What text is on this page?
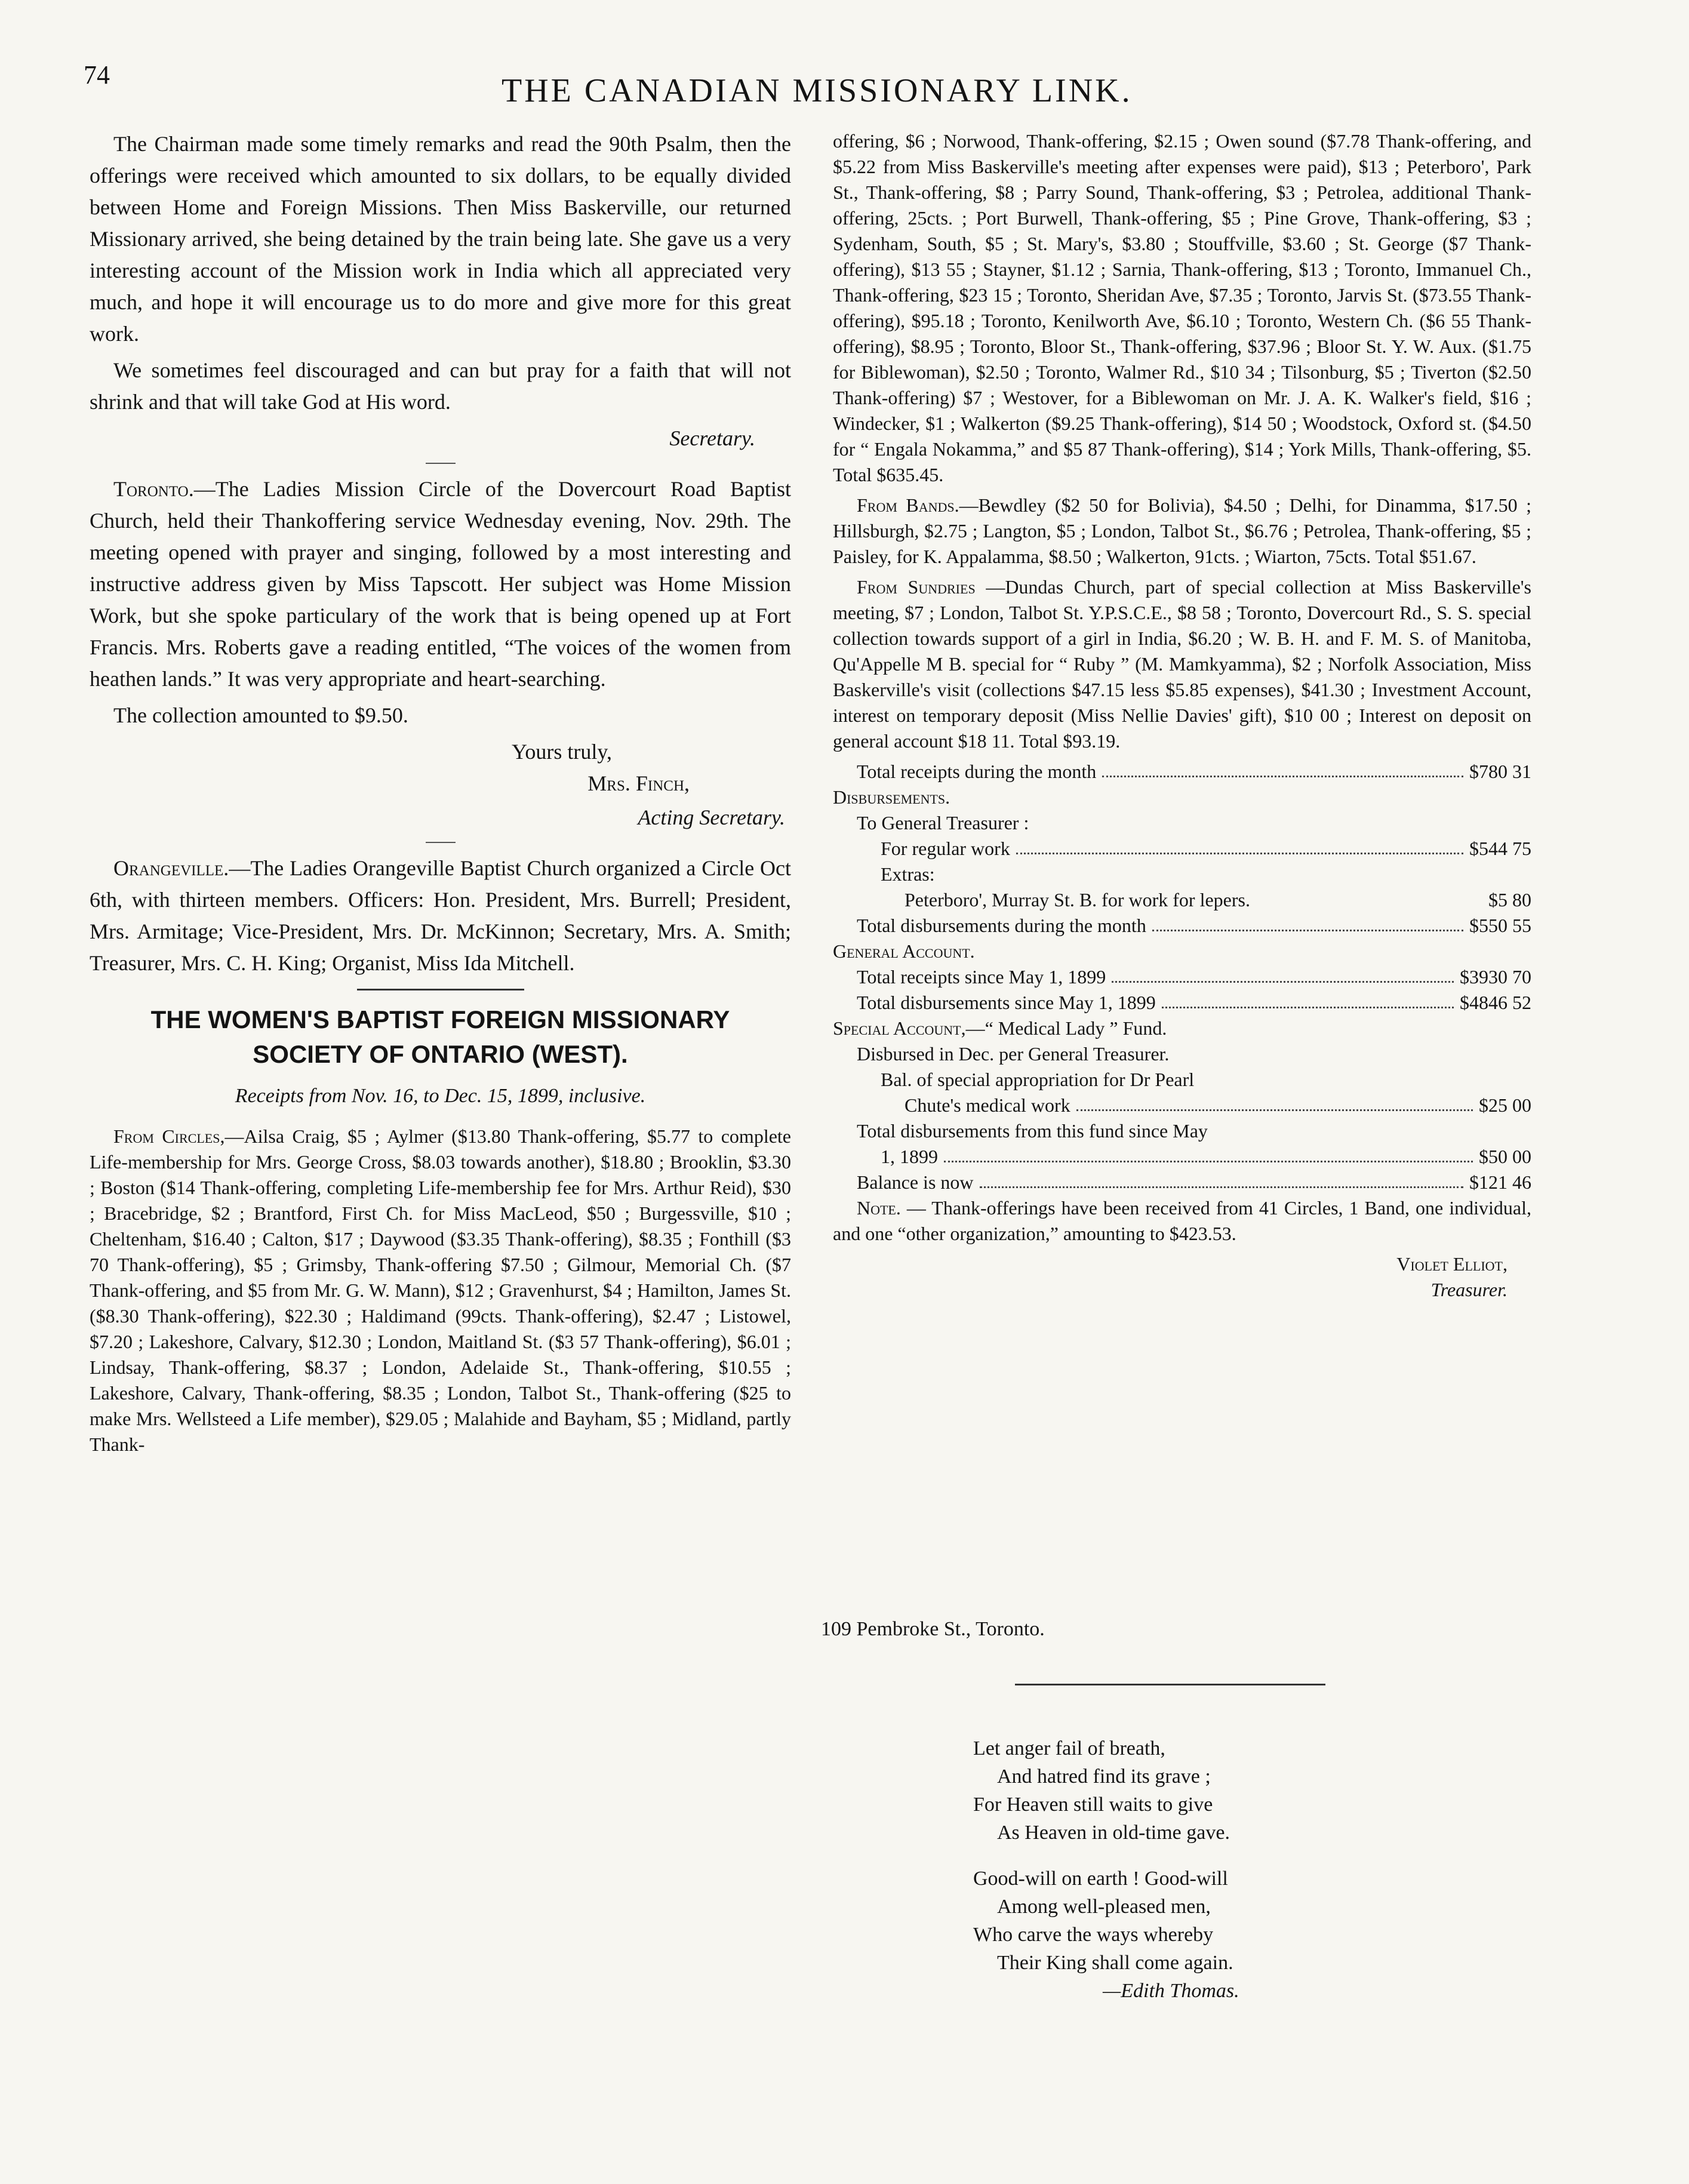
74	THE CANADIAN MISSIONARY LINK.

The Chairman made some timely remarks and read the 90th Psalm, then the offerings were received which amounted to six dollars, to be equally divided between Home and Foreign Missions. Then Miss Baskerville, our returned Missionary arrived, she being detained by the train being late. She gave us a very interesting account of the Mission work in India which all appreciated very much, and hope it will encourage us to do more and give more for this great work.

We sometimes feel discouraged and can but pray for a faith that will not shrink and that will take God at His word.

Secretary.

Toronto.—The Ladies Mission Circle of the Dovercourt Road Baptist Church, held their Thankoffering service Wednesday evening, Nov. 29th. The meeting opened with prayer and singing, followed by a most interesting and instructive address given by Miss Tapscott. Her subject was Home Mission Work, but she spoke particulary of the work that is being opened up at Fort Francis. Mrs. Roberts gave a reading entitled, “The voices of the women from heathen lands.” It was very appropriate and heart-searching.

The collection amounted to $9.50.

Yours truly,
Mrs. Finch,
Acting Secretary.

Orangeville.—The Ladies Orangeville Baptist Church organized a Circle Oct 6th, with thirteen members. Officers: Hon. President, Mrs. Burrell; President, Mrs. Armitage; Vice-President, Mrs. Dr. McKinnon; Secretary, Mrs. A. Smith; Treasurer, Mrs. C. H. King; Organist, Miss Ida Mitchell.

THE WOMEN'S BAPTIST FOREIGN MISSIONARY
SOCIETY OF ONTARIO (WEST).
Receipts from Nov. 16, to Dec. 15, 1899, inclusive.

From Circles,—Ailsa Craig, $5 ; Aylmer ($13.80 Thank-offering, $5.77 to complete Life-membership for Mrs. George Cross, $8.03 towards another), $18.80 ; Brooklin, $3.30 ; Boston ($14 Thank-offering, completing Life-membership fee for Mrs. Arthur Reid), $30 ; Bracebridge, $2 ; Brantford, First Ch. for Miss MacLeod, $50 ; Burgessville, $10 ; Cheltenham, $16.40 ; Calton, $17 ; Daywood ($3.35 Thank-offering), $8.35 ; Fonthill ($3 70 Thank-offering), $5 ; Grimsby, Thank-offering $7.50 ; Gilmour, Memorial Ch. ($7 Thank-offering, and $5 from Mr. G. W. Mann), $12 ; Gravenhurst, $4 ; Hamilton, James St. ($8.30 Thank-offering), $22.30 ; Haldimand (99cts. Thank-offering), $2.47 ; Listowel, $7.20 ; Lakeshore, Calvary, $12.30 ; London, Maitland St. ($3 57 Thank-offering), $6.01 ; Lindsay, Thank-offering, $8.37 ; London, Adelaide St., Thank-offering, $10.55 ; Lakeshore, Calvary, Thank-offering, $8.35 ; London, Talbot St., Thank-offering ($25 to make Mrs. Wellsteed a Life member), $29.05 ; Malahide and Bayham, $5 ; Midland, partly Thank-

offering, $6 ; Norwood, Thank-offering, $2.15 ; Owen sound ($7.78 Thank-offering, and $5.22 from Miss Baskerville's meeting after expenses were paid), $13 ; Peterboro', Park St., Thank-offering, $8 ; Parry Sound, Thank-offering, $3 ; Petrolea, additional Thank-offering, 25cts. ; Port Burwell, Thank-offering, $5 ; Pine Grove, Thank-offering, $3 ; Sydenham, South, $5 ; St. Mary's, $3.80 ; Stouffville, $3.60 ; St. George ($7 Thank-offering), $13 55 ; Stayner, $1.12 ; Sarnia, Thank-offering, $13 ; Toronto, Immanuel Ch., Thank-offering, $23 15 ; Toronto, Sheridan Ave, $7.35 ; Toronto, Jarvis St. ($73.55 Thank-offering), $95.18 ; Toronto, Kenilworth Ave, $6.10 ; Toronto, Western Ch. ($6 55 Thank-offering), $8.95 ; Toronto, Bloor St., Thank-offering, $37.96 ; Bloor St. Y. W. Aux. ($1.75 for Biblewoman), $2.50 ; Toronto, Walmer Rd., $10 34 ; Tilsonburg, $5 ; Tiverton ($2.50 Thank-offering) $7 ; Westover, for a Biblewoman on Mr. J. A. K. Walker's field, $16 ; Windecker, $1 ; Walkerton ($9.25 Thank-offering), $14 50 ; Woodstock, Oxford st. ($4.50 for “ Engala Nokamma,” and $5 87 Thank-offering), $14 ; York Mills, Thank-offering, $5. Total $635.45.

From Bands.—Bewdley ($2 50 for Bolivia), $4.50 ; Delhi, for Dinamma, $17.50 ; Hillsburgh, $2.75 ; Langton, $5 ; London, Talbot St., $6.76 ; Petrolea, Thank-offering, $5 ; Paisley, for K. Appalamma, $8.50 ; Walkerton, 91cts. ; Wiarton, 75cts. Total $51.67.

From Sundries —Dundas Church, part of special collection at Miss Baskerville's meeting, $7 ; London, Talbot St. Y.P.S.C.E., $8 58 ; Toronto, Dovercourt Rd., S. S. special collection towards support of a girl in India, $6.20 ; W. B. H. and F. M. S. of Manitoba, Qu'Appelle M B. special for “ Ruby ” (M. Mamkyamma), $2 ; Norfolk Association, Miss Baskerville's visit (collections $47.15 less $5.85 expenses), $41.30 ; Investment Account, interest on temporary deposit (Miss Nellie Davies' gift), $10 00 ; Interest on deposit on general account $18 11. Total $93.19.

Total receipts during the month	$780 31
Disbursements.
To General Treasurer :
For regular work	$544 75
Extras:
Peterboro', Murray St. B. for work for lepers.	$5 80
Total disbursements during the month	$550 55
General Account.
Total receipts since May 1, 1899	$3930 70
Total disbursements since May 1, 1899	$4846 52
Special Account,—“ Medical Lady ” Fund.
Disbursed in Dec. per General Treasurer.
Bal. of special appropriation for Dr Pearl
Chute's medical work	$25 00
Total disbursements from this fund since May
1, 1899	$50 00
Balance is now	$121 46

Note. — Thank-offerings have been received from 41 Circles, 1 Band, one individual, and one “other organization,” amounting to $423.53.

Violet Elliot,
Treasurer.
109 Pembroke St., Toronto.
Let anger fail of breath,
And hatred find its grave ;
For Heaven still waits to give
As Heaven in old-time gave.
Good-will on earth ! Good-will
Among well-pleased men,
Who carve the ways whereby
Their King shall come again.
—Edith Thomas.
